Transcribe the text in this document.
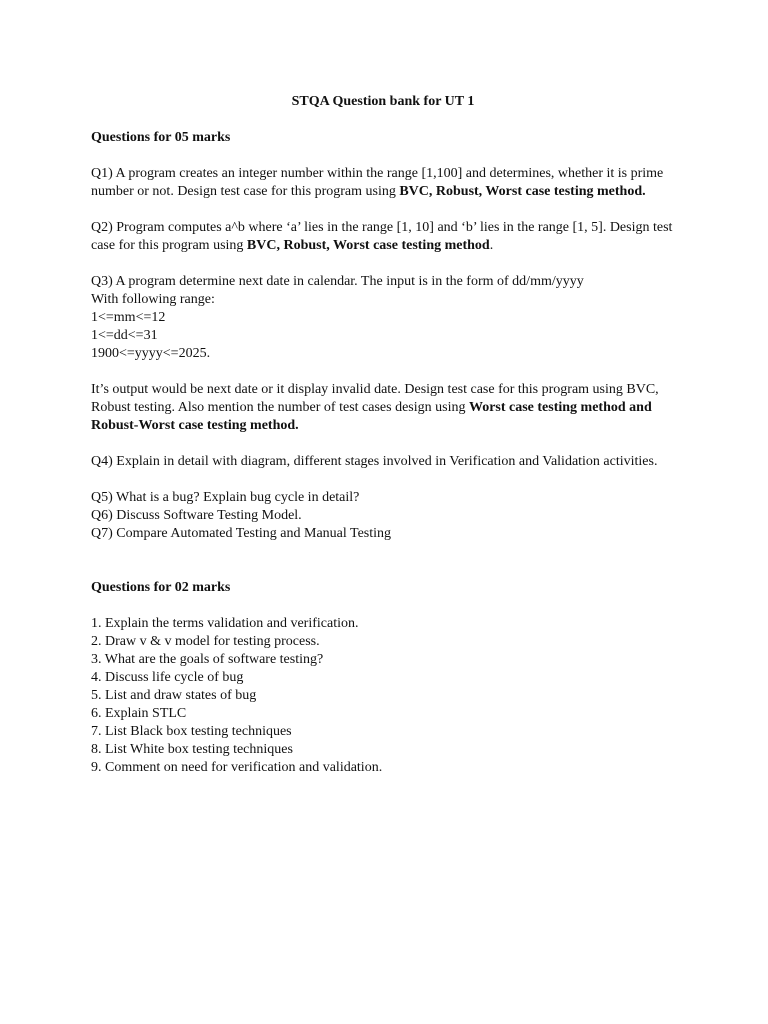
STQA Question bank for UT 1
Questions for 05 marks
Q1) A program creates an integer number within the range [1,100] and determines, whether it is prime number or not. Design test case for this program using BVC, Robust, Worst case testing method.
Q2) Program computes a^b where ‘a’ lies in the range [1, 10] and ‘b’ lies in the range [1, 5]. Design test case for this program using BVC, Robust, Worst case testing method.
Q3) A program determine next date in calendar. The input is in the form of dd/mm/yyyy
With following range:
1<=mm<=12
1<=dd<=31
1900<=yyyy<=2025.
It’s output would be next date or it display invalid date. Design test case for this program using BVC, Robust testing. Also mention the number of test cases design using Worst case testing method and Robust-Worst case testing method.
Q4) Explain in detail with diagram, different stages involved in Verification and Validation activities.
Q5) What is a bug? Explain bug cycle in detail?
Q6) Discuss Software Testing Model.
Q7) Compare Automated Testing and Manual Testing
Questions for 02 marks
1. Explain the terms validation and verification.
2. Draw v & v model for testing process.
3. What are the goals of software testing?
4. Discuss life cycle of bug
5. List and draw states of bug
6. Explain STLC
7. List Black box testing techniques
8. List White box testing techniques
9. Comment on need for verification and validation.
